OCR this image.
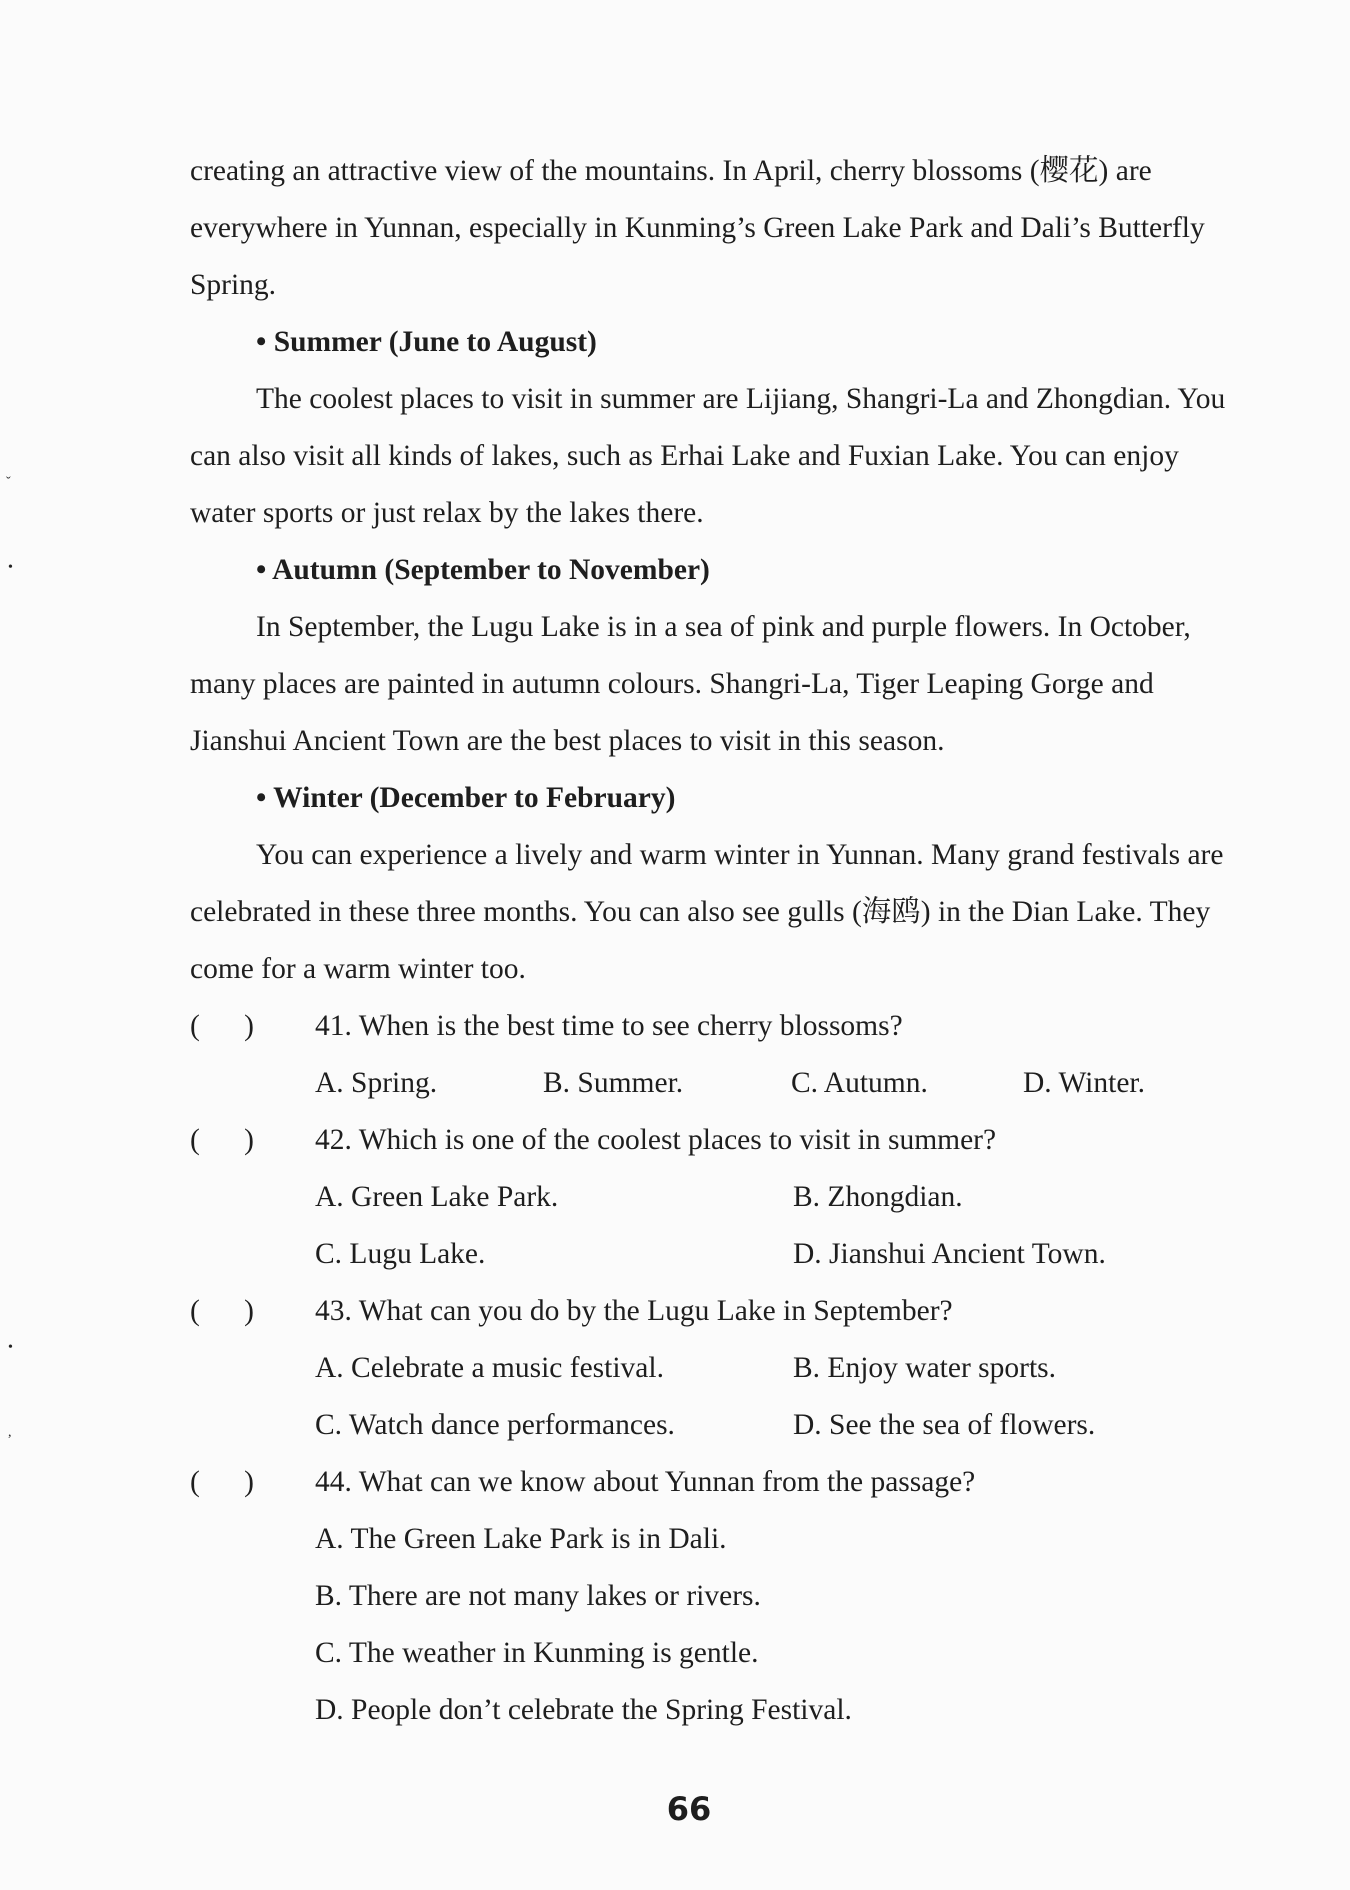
ˇ
•
•
,

creating an attractive view of the mountains. In April, cherry blossoms (樱花) are everywhere in Yunnan, especially in Kunming’s Green Lake Park and Dali’s Butterfly Spring.

• Summer (June to August)

The coolest places to visit in summer are Lijiang, Shangri-La and Zhongdian. You can also visit all kinds of lakes, such as Erhai Lake and Fuxian Lake. You can enjoy water sports or just relax by the lakes there.

• Autumn (September to November)

In September, the Lugu Lake is in a sea of pink and purple flowers. In October, many places are painted in autumn colours. Shangri-La, Tiger Leaping Gorge and Jianshui Ancient Town are the best places to visit in this season.

• Winter (December to February)

You can experience a lively and warm winter in Yunnan. Many grand festivals are celebrated in these three months. You can also see gulls (海鸥) in the Dian Lake. They come for a warm winter too.

(      )	41. When is the best time to see cherry blossoms?
A. Spring.	B. Summer.	C. Autumn.	D. Winter.
(      )	42. Which is one of the coolest places to visit in summer?
A. Green Lake Park.	B. Zhongdian.
C. Lugu Lake.	D. Jianshui Ancient Town.
(      )	43. What can you do by the Lugu Lake in September?
A. Celebrate a music festival.	B. Enjoy water sports.
C. Watch dance performances.	D. See the sea of flowers.
(      )	44. What can we know about Yunnan from the passage?

A. The Green Lake Park is in Dali.

B. There are not many lakes or rivers.

C. The weather in Kunming is gentle.

D. People don’t celebrate the Spring Festival.

66
